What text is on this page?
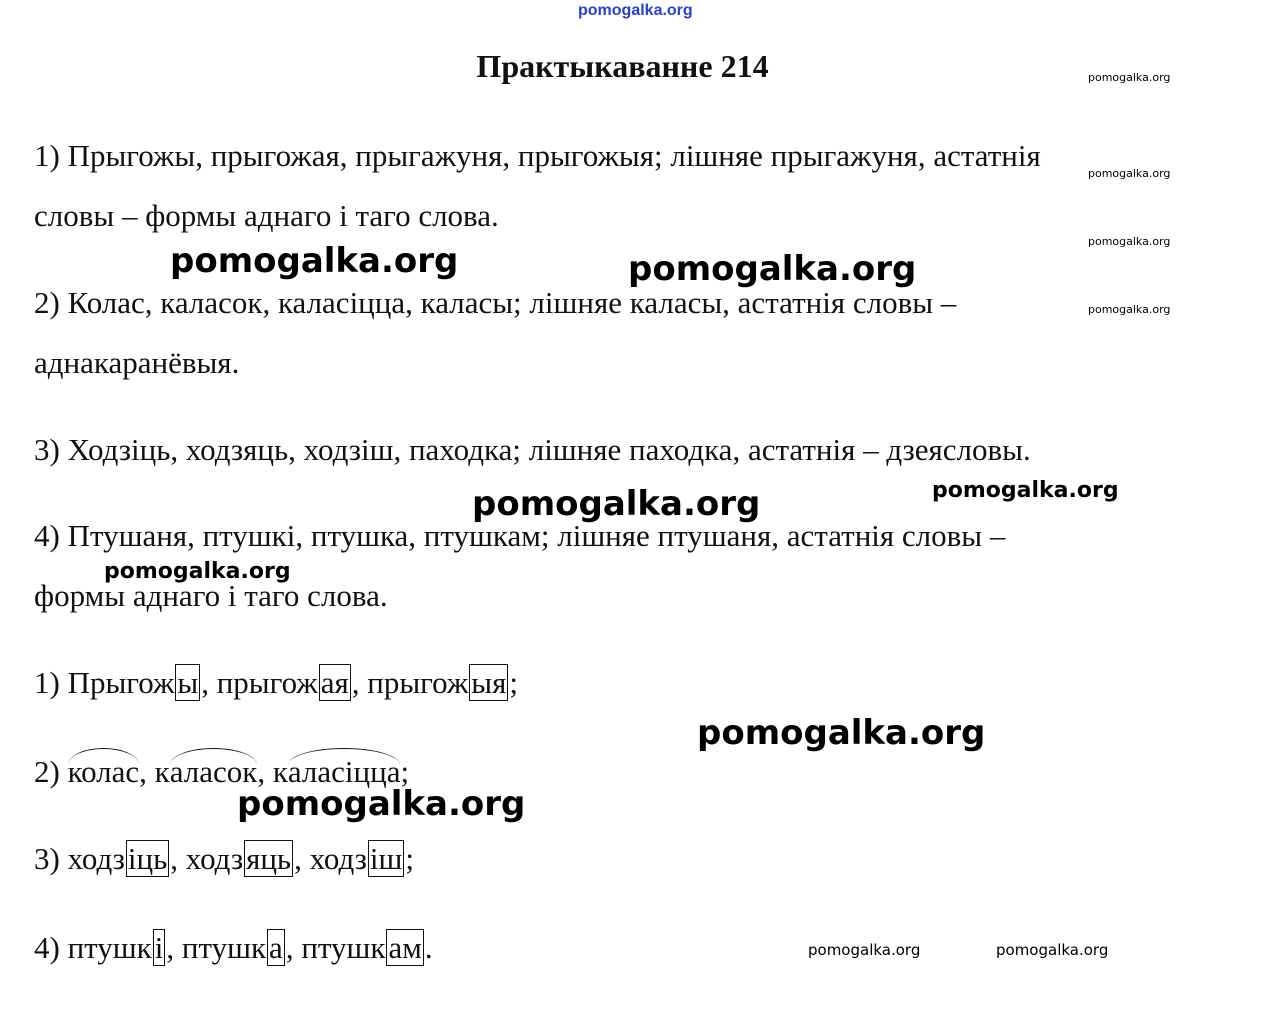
pomogalka.org
pomogalka.org
pomogalka.org
pomogalka.org
pomogalka.org
Практыкаванне 214
1) Прыгожы, прыгожая, прыгажуня, прыгожыя; лішняе прыгажуня, астатнія
словы – формы аднаго і таго слова.
2) Колас, каласок, каласіцца, каласы; лішняе каласы, астатнія словы –
аднакаранёвыя.
3) Ходзіць, ходзяць, ходзіш, паходка; лішняе паходка, астатнія – дзеясловы.
4) Птушаня, птушкі, птушка, птушкам; лішняе птушаня, астатнія словы –
формы аднаго і таго слова.
1) Прыгожы, прыгожая, прыгожыя;
2) колас, каласок, каласіцца;
3) ходзіць, ходзяць, ходзіш;
4) птушкі, птушка, птушкам.
pomogalka.org	pomogalka.org
pomogalka.org	pomogalka.org
pomogalka.org
pomogalka.org
pomogalka.org
pomogalka.org	pomogalka.org
